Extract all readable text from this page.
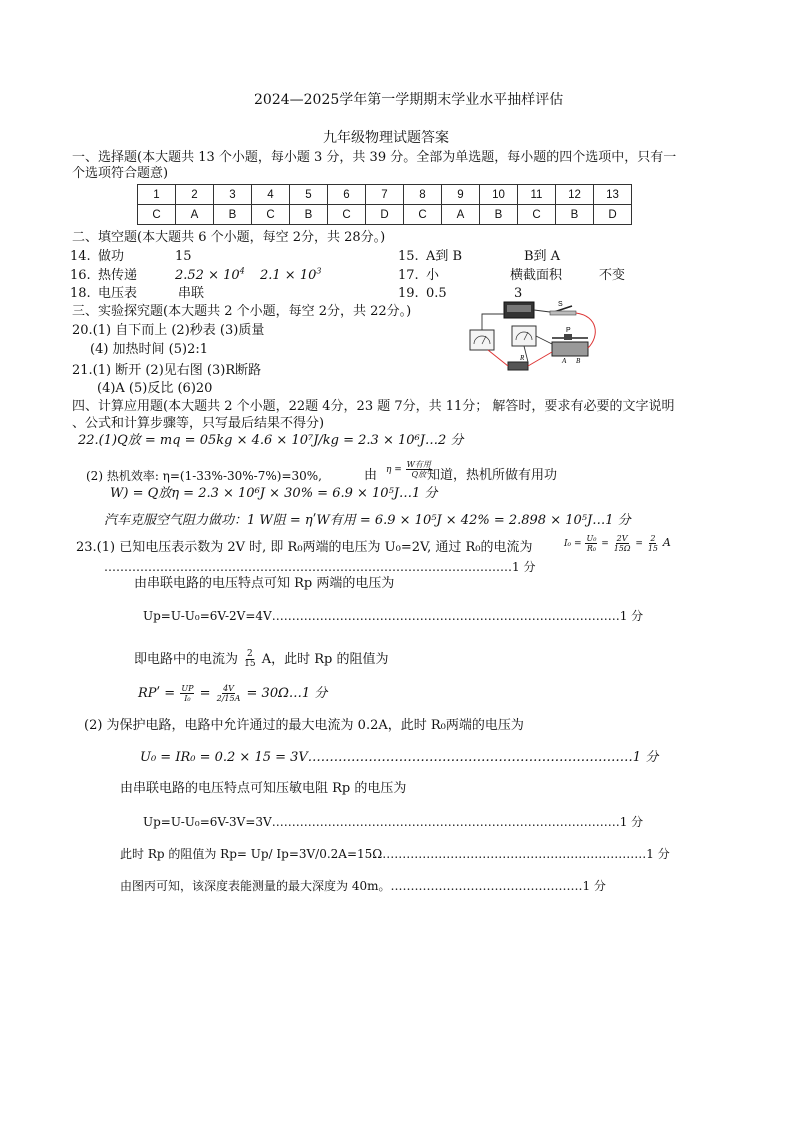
2024—2025学年第一学期期末学业水平抽样评估
九年级物理试题答案
一、选择题(本大题共 13 个小题，每小题 3 分，共 39 分。全部为单选题，每小题的四个选项中，只有一
个选项符合题意)
1	2	3	4	5	6	7	8	9	10	11	12	13
C	A	B	C	B	C	D	C	A	B	C	B	D
二、填空题(本大题共 6 个小题，每空 2分，共 28分。)
14. 做功	15	15. A到 B	B到 A
16. 热传递	$2.52 \times 10^4$ $2.1 \times 10^3$	17. 小	横截面积	不变
18. 电压表	串联	19. 0.5	3
三、实验探究题(本大题共 2 个小题，每空 2分，共 22分。)
20.(1) 自下而上 (2)秒表 (3)质量
(4) 加热时间 (5)2:1
21.(1) 断开 (2)见右图 (3)R断路
(4)A (5)反比 (6)20
S
R
P
A B
四、计算应用题(本大题共 2 个小题，22题 4分，23 题 7分，共 11分； 解答时，要求有必要的文字说明
、公式和计算步骤等，只写最后结果不得分)
22.(1)Q放 = mq = 05kg × 4.6 × 10⁷J/kg = 2.3 × 10⁶J…2 分
(2) 热机效率: η=(1-33%-30%-7%)=30%,	由 $\eta = \frac{\text{W有用}}{\text{Q放}}$
知道，热机所做有用功
W) = Q放η = 2.3 × 10⁶J × 30% = 6.9 × 10⁵J…1 分
汽车克服空气阻力做功：1 W阻 = ηʹW有用 = 6.9 × 10⁵J × 42% = 2.898 × 10⁵J…1 分
23.(1) 已知电压表示数为 2V 时, 即 R₀两端的电压为 U₀=2V, 通过 R₀的电流为	$I_0 = \frac{\text{U₀}}{\text{R₀}} = \frac{2V}{15\Omega} = \frac{2}{15}$ A
…………………………………………………………………………………………1 分
由串联电路的电压特点可知 Rp 两端的电压为
Up=U-U₀=6V-2V=4V……………………………………………………………………………1 分
即电路中的电流为 $\frac{2}{15}$ A，此时 Rp 的阻值为
RPʹ = $\frac{UP}{\text{I₀}} = \frac{4V}{2/15A}$ = 30Ω…1 分
(2) 为保护电路，电路中允许通过的最大电流为 0.2A，此时 R₀两端的电压为
U₀ = IR₀ = 0.2 × 15 = 3V…………………………………………………………………1 分
由串联电路的电压特点可知压敏电阻 Rp 的电压为
Up=U-U₀=6V-3V=3V……………………………………………………………………………1 分
此时 Rp 的阻值为 Rp= Up/ Ip=3V/0.2A=15Ω…………………………………………………………1 分
由图丙可知，该深度表能测量的最大深度为 40m。…………………………………………1 分
